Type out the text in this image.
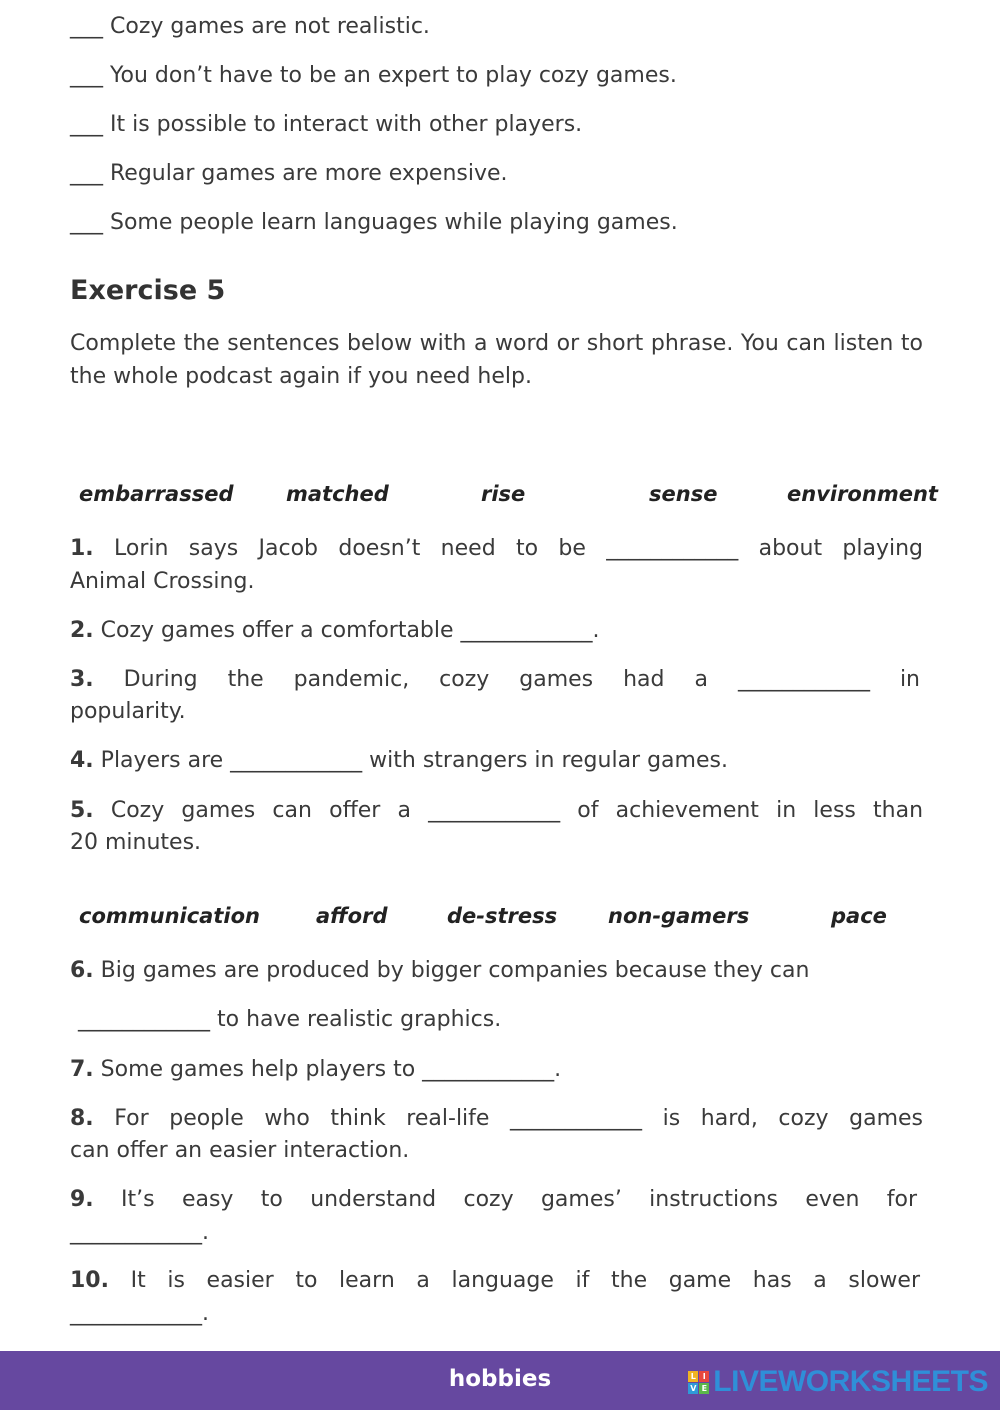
___ Cozy games are not realistic.
___ You don’t have to be an expert to play cozy games.
___ It is possible to interact with other players.
___ Regular games are more expensive.
___ Some people learn languages while playing games.
Exercise 5
Complete the sentences below with a word or short phrase. You can listen to the whole podcast again if you need help.
embarrassed	matched	rise	sense	environment
1. Lorin says Jacob doesn’t need to be ____________ about playing
Animal Crossing.
2. Cozy games offer a comfortable ____________.
3. During the pandemic, cozy games had a ____________ in
popularity.
4. Players are ____________ with strangers in regular games.
5. Cozy games can offer a ____________ of achievement in less than
20 minutes.
communication	afford	de-stress non-gamers	pace
6. Big games are produced by bigger companies because they can
____________ to have realistic graphics.
7. Some games help players to ____________.
8. For people who think real-life ____________ is hard, cozy games
can offer an easier interaction.
9. It’s easy to understand cozy games’ instructions even for
____________.
10. It is easier to learn a language if the game has a slower
____________.
hobbies	L I
V E LIVEWORKSHEETS
